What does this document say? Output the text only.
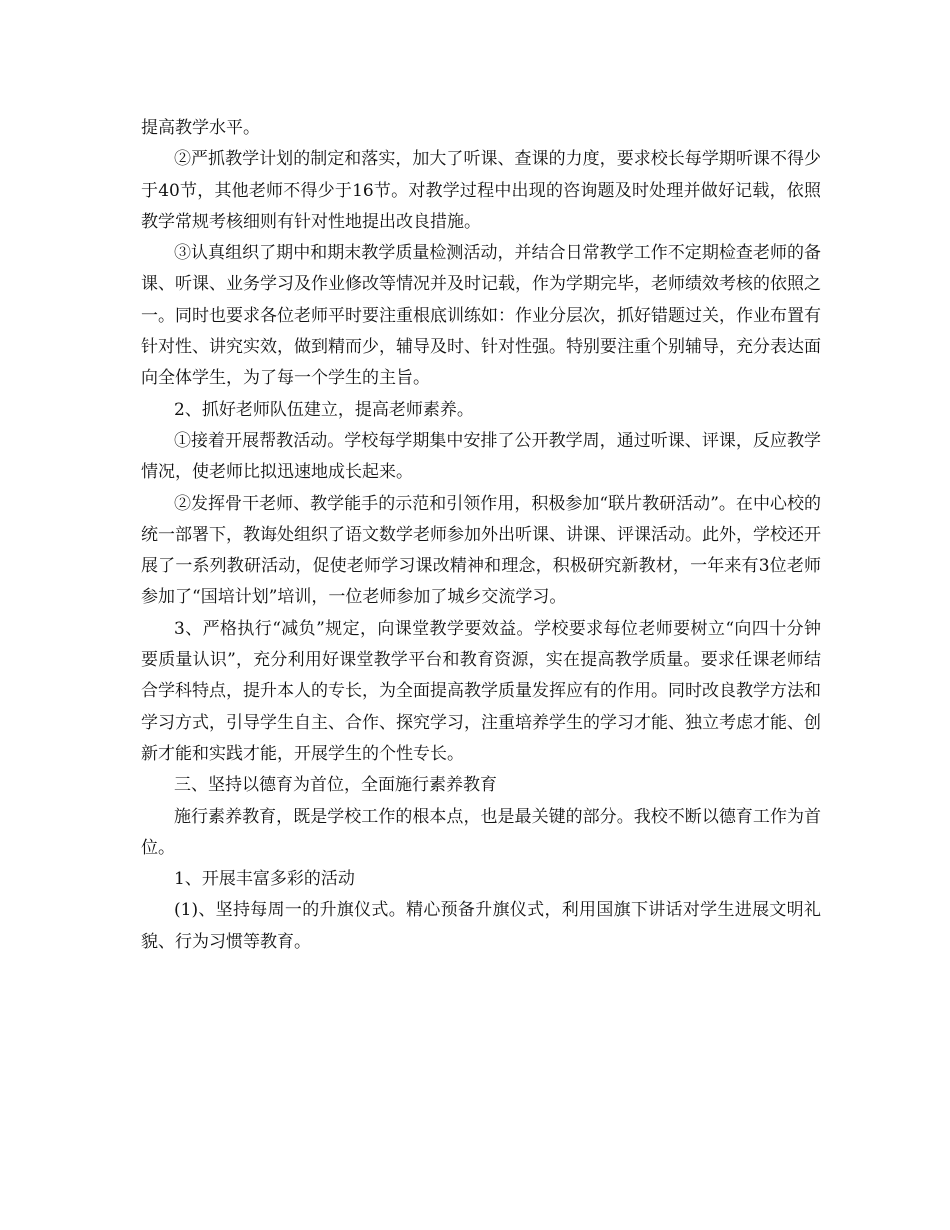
提高教学水平。

②严抓教学计划的制定和落实，加大了听课、查课的力度，要求校长每学期听课不得少于40节，其他老师不得少于16节。对教学过程中出现的咨询题及时处理并做好记载，依照教学常规考核细则有针对性地提出改良措施。

③认真组织了期中和期末教学质量检测活动，并结合日常教学工作不定期检查老师的备课、听课、业务学习及作业修改等情况并及时记载，作为学期完毕，老师绩效考核的依照之一。同时也要求各位老师平时要注重根底训练如：作业分层次，抓好错题过关，作业布置有针对性、讲究实效，做到精而少，辅导及时、针对性强。特别要注重个别辅导，充分表达面向全体学生，为了每一个学生的主旨。

2、抓好老师队伍建立，提高老师素养。

①接着开展帮教活动。学校每学期集中安排了公开教学周，通过听课、评课，反应教学情况，使老师比拟迅速地成长起来。

②发挥骨干老师、教学能手的示范和引领作用，积极参加“联片教研活动”。在中心校的统一部署下，教诲处组织了语文数学老师参加外出听课、讲课、评课活动。此外，学校还开展了一系列教研活动，促使老师学习课改精神和理念，积极研究新教材，一年来有3位老师参加了“国培计划”培训，一位老师参加了城乡交流学习。

3、严格执行“减负”规定，向课堂教学要效益。学校要求每位老师要树立“向四十分钟要质量认识”，充分利用好课堂教学平台和教育资源，实在提高教学质量。要求任课老师结合学科特点，提升本人的专长，为全面提高教学质量发挥应有的作用。同时改良教学方法和学习方式，引导学生自主、合作、探究学习，注重培养学生的学习才能、独立考虑才能、创新才能和实践才能，开展学生的个性专长。

三、坚持以德育为首位，全面施行素养教育

施行素养教育，既是学校工作的根本点，也是最关键的部分。我校不断以德育工作为首位。

1、开展丰富多彩的活动

(1)、坚持每周一的升旗仪式。精心预备升旗仪式，利用国旗下讲话对学生进展文明礼貌、行为习惯等教育。
